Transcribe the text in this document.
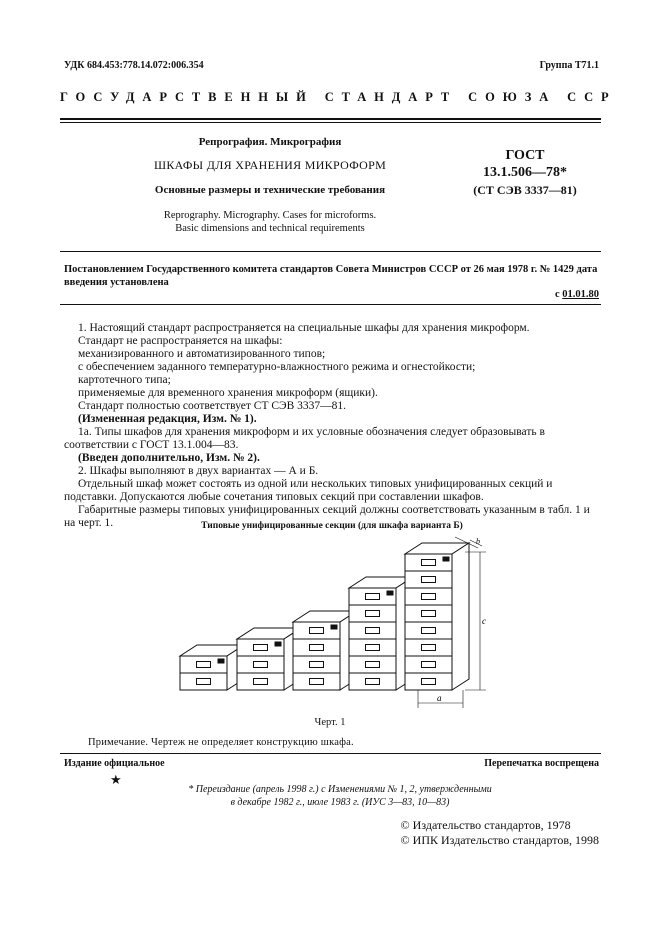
УДК 684.453:778.14.072:006.354	Группа Т71.1
ГОСУДАРСТВЕННЫЙ СТАНДАРТ СОЮЗА ССР
Репрография. Микрография
ШКАФЫ ДЛЯ ХРАНЕНИЯ МИКРОФОРМ
Основные размеры и технические требования
Reprography. Micrography. Cases for microforms.
Basic dimensions and technical requirements
ГОСТ
13.1.506—78*
(СТ СЭВ 3337—81)
Постановлением Государственного комитета стандартов Совета Министров СССР от 26 мая 1978 г. № 1429 дата введения установлена
с 01.01.80
1. Настоящий стандарт распространяется на специальные шкафы для хранения микроформ.
Стандарт не распространяется на шкафы:
механизированного и автоматизированного типов;
с обеспечением заданного температурно-влажностного режима и огнестойкости;
картотечного типа;
применяемые для временного хранения микроформ (ящики).
Стандарт полностью соответствует СТ СЭВ 3337—81.
(Измененная редакция, Изм. № 1).
1а. Типы шкафов для хранения микроформ и их условные обозначения следует образовывать в соответствии с ГОСТ 13.1.004—83.
(Введен дополнительно, Изм. № 2).
2. Шкафы выполняют в двух вариантах — А и Б.
Отдельный шкаф может состоять из одной или нескольких типовых унифицированных секций и подставки. Допускаются любые сочетания типовых секций при составлении шкафов.
Габаритные размеры типовых унифицированных секций должны соответствовать указанным в табл. 1 и на черт. 1.	Типовые унифицированные секции (для шкафа варианта Б)
b
с
а
Черт. 1
Примечание. Чертеж не определяет конструкцию шкафа.
Издание официальное	Перепечатка воспрещена
★
* Переиздание (апрель 1998 г.) с Изменениями № 1, 2, утвержденными
в декабре 1982 г., июле 1983 г. (ИУС 3—83, 10—83)
© Издательство стандартов, 1978
© ИПК Издательство стандартов, 1998
